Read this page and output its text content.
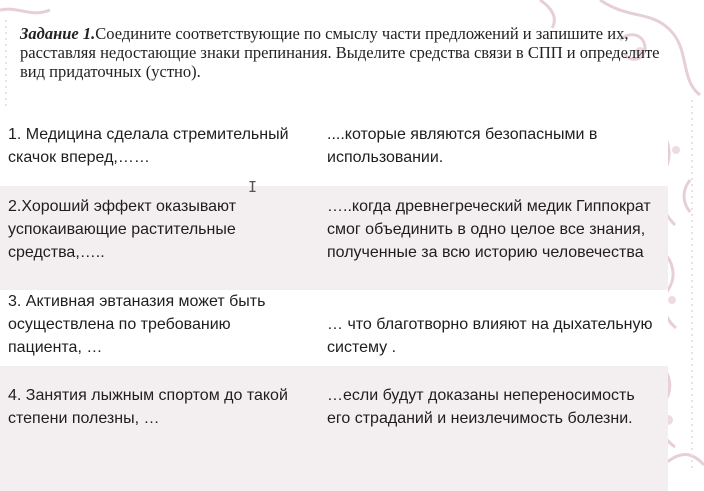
Задание 1.Соедините соответствующие по смыслу части предложений и запишите их, расставляя недостающие знаки препинания. Выделите средства связи в СПП и определите вид придаточных (устно).
1. Медицина сделала стремительный скачок вперед,……
....которые являются безопасными в использовании.
2.Хороший эффект оказывают успокаивающие растительные средства,…..
…..когда древнегреческий медик Гиппократ смог объединить в одно целое все знания, полученные за всю историю человечества
3. Активная эвтаназия может быть осуществлена по требованию пациента, …
… что благотворно влияют на дыхательную систему .
4. Занятия лыжным спортом до такой степени полезны, …
…если будут доказаны непереносимость его страданий и неизлечимость болезни.
I
